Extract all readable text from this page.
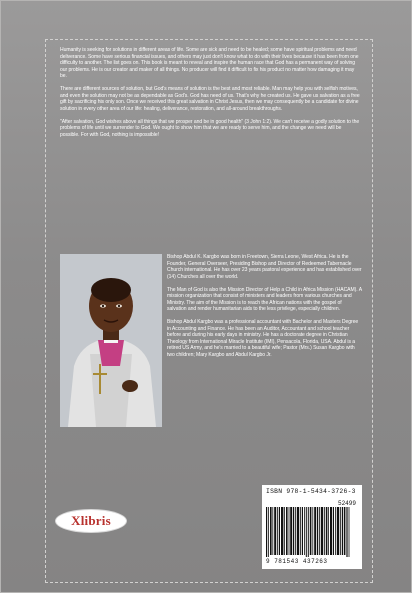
Humanity is seeking for solutions in different areas of life. Some are sick and need to be healed; some have spiritual problems and need deliverance. Some have serious financial issues, and others may just don't know what to do with their lives because it has been from one difficulty to another. The list goes on. This book is meant to reveal and inspire the human race that God has a permanent way of solving our problems. He is our creator and maker of all things. No producer will find it difficult to fix his product no matter how damaging it may be.

There are different sources of solution, but God's means of solution is the best and most reliable. Man may help you with selfish motives, and even the solution may not be as dependable as God's. God has need of us. That's why he created us. He gave us salvation as a free gift by sacrificing his only son. Once we received this great salvation in Christ Jesus, then we may consequently be a candidate for divine solution in every other area of our life: healing, deliverance, restoration, and all-around breakthroughs.

"After salvation, God wishes above all things that we prosper and be in good health" (3 John 1:2). We can't receive a godly solution to the problems of life until we surrender to God. We ought to show him that we are ready to serve him, and the change we need will be possible. For with God, nothing is impossible!

Bishop Abdul K. Kargbo was born in Freetown, Sierra Leone, West Africa. He is the Founder, General Overseer, Presiding Bishop and Director of Redeemed Tabernacle Church international. He has over 23 years pastoral experience and has established over (14) Churches all over the world.

The Man of God is also the Mission Director of Help a Child in Africa Mission (HACAM). A mission organization that consist of ministers and leaders from various churches and Ministry. The aim of the Mission is to reach the African nations with the gospel of salvation and render humanitarian aids to the less privilege, especially children.

Bishop Abdul Kargbo was a professional accountant with Bachelor and Masters Degree in Accounting and Finance. He has been an Auditor, Accountant and school teacher before and during his early days in ministry. He has a doctorate degree in Christian Theology from International Miracle Institute (IMI), Pensacola, Florida, USA. Abdul is a retired US Army, and he's married to a beautiful wife; Pastor (Mrs.) Susan Kargbo with two children; Mary Kargbo and Abdul Kargbo Jr.

Xlibris
ISBN 978-1-5434-3726-3
52499
9 781543 437263
